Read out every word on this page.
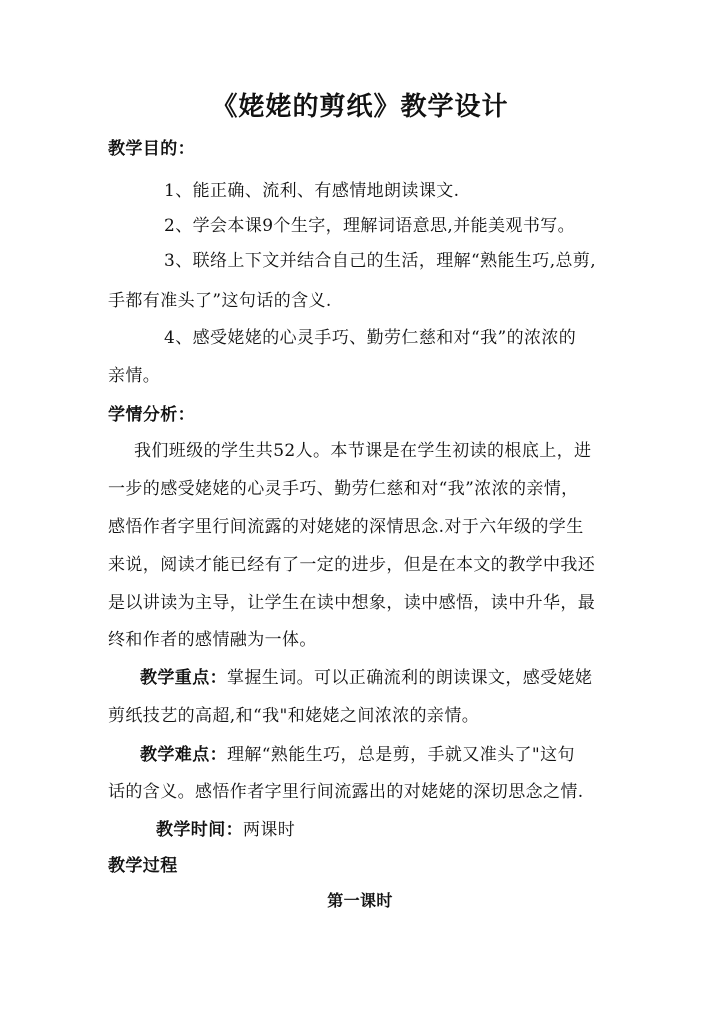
《姥姥的剪纸》教学设计
教学目的：
1、能正确、流利、有感情地朗读课文.
2、学会本课9个生字，理解词语意思,并能美观书写。
3、联络上下文并结合自己的生活，理解“熟能生巧,总剪,
手都有准头了”这句话的含义.
4、感受姥姥的心灵手巧、勤劳仁慈和对“我”的浓浓的
亲情。
学情分析：
我们班级的学生共52人。本节课是在学生初读的根底上，进
一步的感受姥姥的心灵手巧、勤劳仁慈和对“我”浓浓的亲情，
感悟作者字里行间流露的对姥姥的深情思念.对于六年级的学生
来说，阅读才能已经有了一定的进步，但是在本文的教学中我还
是以讲读为主导，让学生在读中想象，读中感悟，读中升华，最
终和作者的感情融为一体。
教学重点：掌握生词。可以正确流利的朗读课文，感受姥姥
剪纸技艺的高超,和“我"和姥姥之间浓浓的亲情。
教学难点：理解“熟能生巧，总是剪，手就又准头了"这句
话的含义。感悟作者字里行间流露出的对姥姥的深切思念之情.
教学时间：两课时
教学过程
第一课时
